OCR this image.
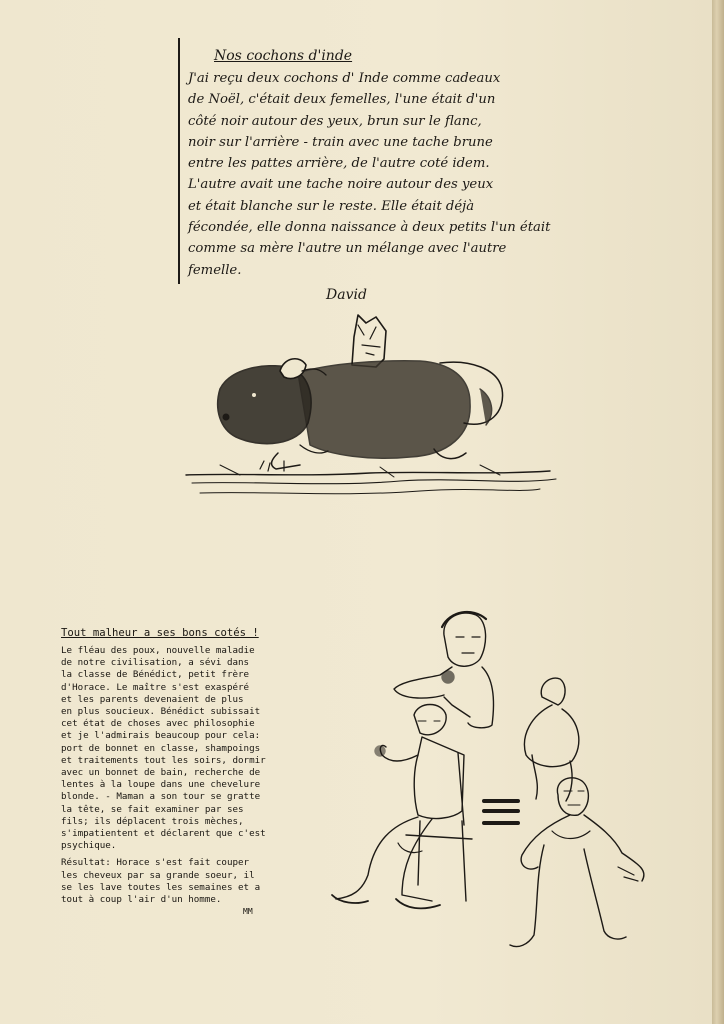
Nos cochons d'inde
J'ai reçu deux cochons d' Inde comme cadeaux
de Noël, c'était deux femelles, l'une était d'un
côté noir autour des yeux, brun sur le flanc,
noir sur l'arrière - train avec une tache brune
entre les pattes arrière, de l'autre coté idem.
L'autre avait une tache noire autour des yeux
et était blanche sur le reste. Elle était déjà
fécondée, elle donna naissance à deux petits l'un était
comme sa mère l'autre un mélange avec l'autre
femelle.
David
Tout malheur a ses bons cotés !
Le fléau des poux, nouvelle maladie
de notre civilisation, a sévi dans
la classe de Bénédict, petit frère
d'Horace. Le maître s'est exaspéré
et les parents devenaient de plus
en plus soucieux. Bénédict subissait
cet état de choses avec philosophie
et je l'admirais beaucoup pour cela:
port de bonnet en classe, shampoings
et traitements tout les soirs, dormir
avec un bonnet de bain, recherche de
lentes à la loupe dans une chevelure
blonde. - Maman a son tour se gratte
la tête, se fait examiner par ses
fils; ils déplacent trois mèches,
s'impatientent et déclarent que c'est
psychique.
Résultat: Horace s'est fait couper
les cheveux par sa grande soeur, il
se les lave toutes les semaines et a
tout à coup l'air d'un homme.
MM
